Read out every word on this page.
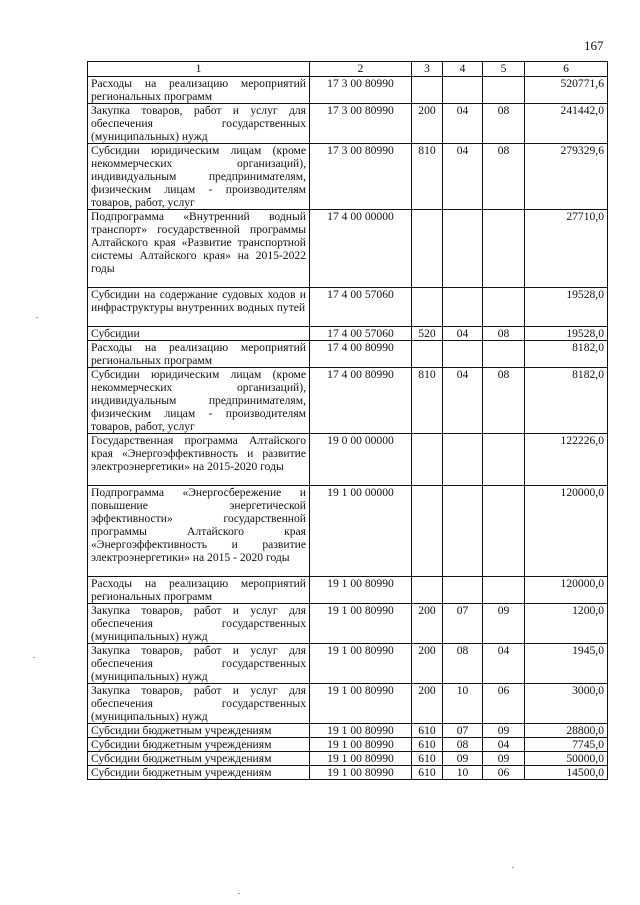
167
1	2	3	4	5	6
Расходы на реализацию мероприятий региональных программ	17 3 00 80990				520771,6
Закупка товаров, работ и услуг для обеспечения государственных (муниципальных) нужд	17 3 00 80990	200	04	08	241442,0
Субсидии юридическим лицам (кроме некоммерческих организаций), индивидуальным предпринимателям, физическим лицам - производителям товаров, работ, услуг	17 3 00 80990	810	04	08	279329,6
Подпрограмма «Внутренний водный транспорт» государственной программы Алтайского края «Развитие транспортной системы Алтайского края» на 2015-2022 годы	17 4 00 00000				27710,0
Субсидии на содержание судовых ходов и инфраструктуры внутренних водных путей	17 4 00 57060				19528,0
Субсидии	17 4 00 57060	520	04	08	19528,0
Расходы на реализацию мероприятий региональных программ	17 4 00 80990				8182,0
Субсидии юридическим лицам (кроме некоммерческих организаций), индивидуальным предпринимателям, физическим лицам - производителям товаров, работ, услуг	17 4 00 80990	810	04	08	8182,0
Государственная программа Алтайского края «Энергоэффективность и развитие электроэнергетики» на 2015-2020 годы	19 0 00 00000				122226,0
Подпрограмма «Энергосбережение и повышение энергетической эффективности» государственной программы Алтайского края «Энергоэффективность и развитие электроэнергетики» на 2015 - 2020 годы	19 1 00 00000				120000,0
Расходы на реализацию мероприятий региональных программ	19 1 00 80990				120000,0
Закупка товаров, работ и услуг для обеспечения государственных (муниципальных) нужд	19 1 00 80990	200	07	09	1200,0
Закупка товаров, работ и услуг для обеспечения государственных (муниципальных) нужд	19 1 00 80990	200	08	04	1945,0
Закупка товаров, работ и услуг для обеспечения государственных (муниципальных) нужд	19 1 00 80990	200	10	06	3000,0
Субсидии бюджетным учреждениям	19 1 00 80990	610	07	09	28800,0
Субсидии бюджетным учреждениям	19 1 00 80990	610	08	04	7745,0
Субсидии бюджетным учреждениям	19 1 00 80990	610	09	09	50000,0
Субсидии бюджетным учреждениям	19 1 00 80990	610	10	06	14500,0
